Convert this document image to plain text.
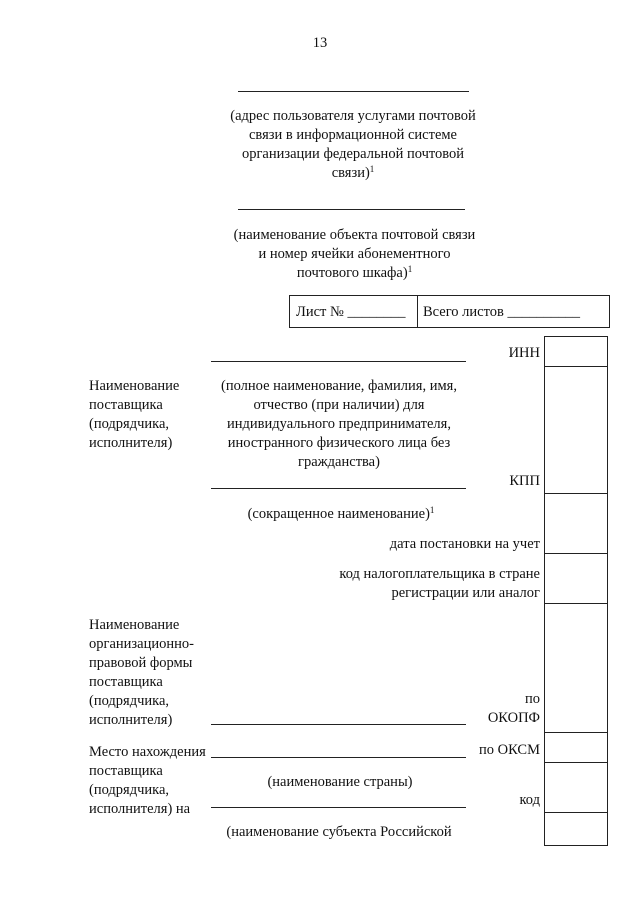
13
(адрес пользователя услугами почтовой связи в информационной системе организации федеральной почтовой связи)$^1$
(наименование объекта почтовой связи и номер ячейки абонементного почтового шкафа)$^1$
Лист № ________	Всего листов __________
ИНН
Наименование поставщика (подрядчика, исполнителя)
(полное наименование, фамилия, имя, отчество (при наличии) для индивидуального предпринимателя, иностранного физического лица без гражданства)
КПП
(сокращенное наименование)$^1$
дата постановки на учет
код налогоплательщика в стране регистрации или аналог
Наименование организационно-правовой формы поставщика (подрядчика, исполнителя)
по ОКОПФ
Место нахождения поставщика (подрядчика, исполнителя) на
по ОКСМ
(наименование страны)
код
(наименование субъекта Российской
